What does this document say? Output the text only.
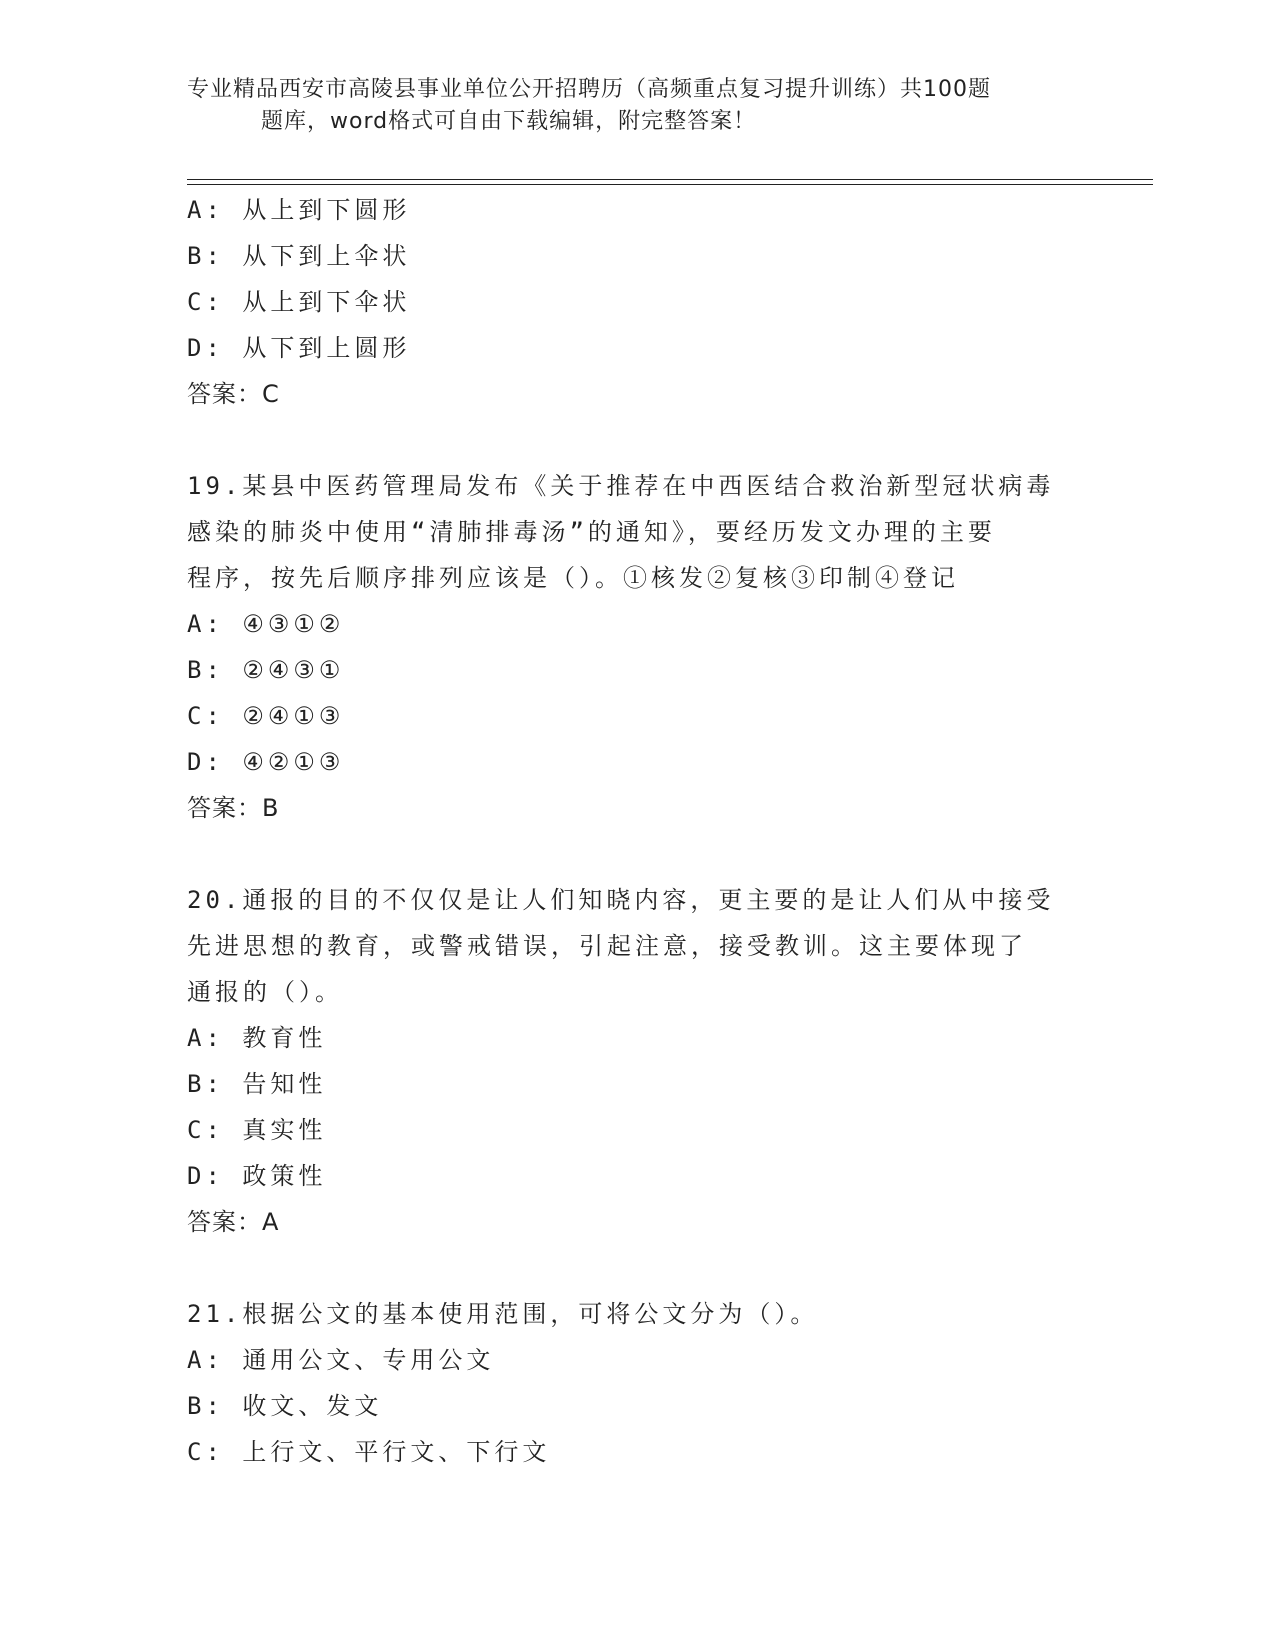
专业精品西安市高陵县事业单位公开招聘历（高频重点复习提升训练）共100题
题库，word格式可自由下载编辑，附完整答案！
A: 从上到下圆形
B: 从下到上伞状
C: 从上到下伞状
D: 从下到上圆形
答案：C
19.某县中医药管理局发布《关于推荐在中西医结合救治新型冠状病毒
感染的肺炎中使用“清肺排毒汤”的通知》，要经历发文办理的主要
程序，按先后顺序排列应该是（）。①核发②复核③印制④登记
A: ④③①②
B: ②④③①
C: ②④①③
D: ④②①③
答案：B
20.通报的目的不仅仅是让人们知晓内容，更主要的是让人们从中接受
先进思想的教育，或警戒错误，引起注意，接受教训。这主要体现了
通报的（）。
A: 教育性
B: 告知性
C: 真实性
D: 政策性
答案：A
21.根据公文的基本使用范围，可将公文分为（）。
A: 通用公文、专用公文
B: 收文、发文
C: 上行文、平行文、下行文
